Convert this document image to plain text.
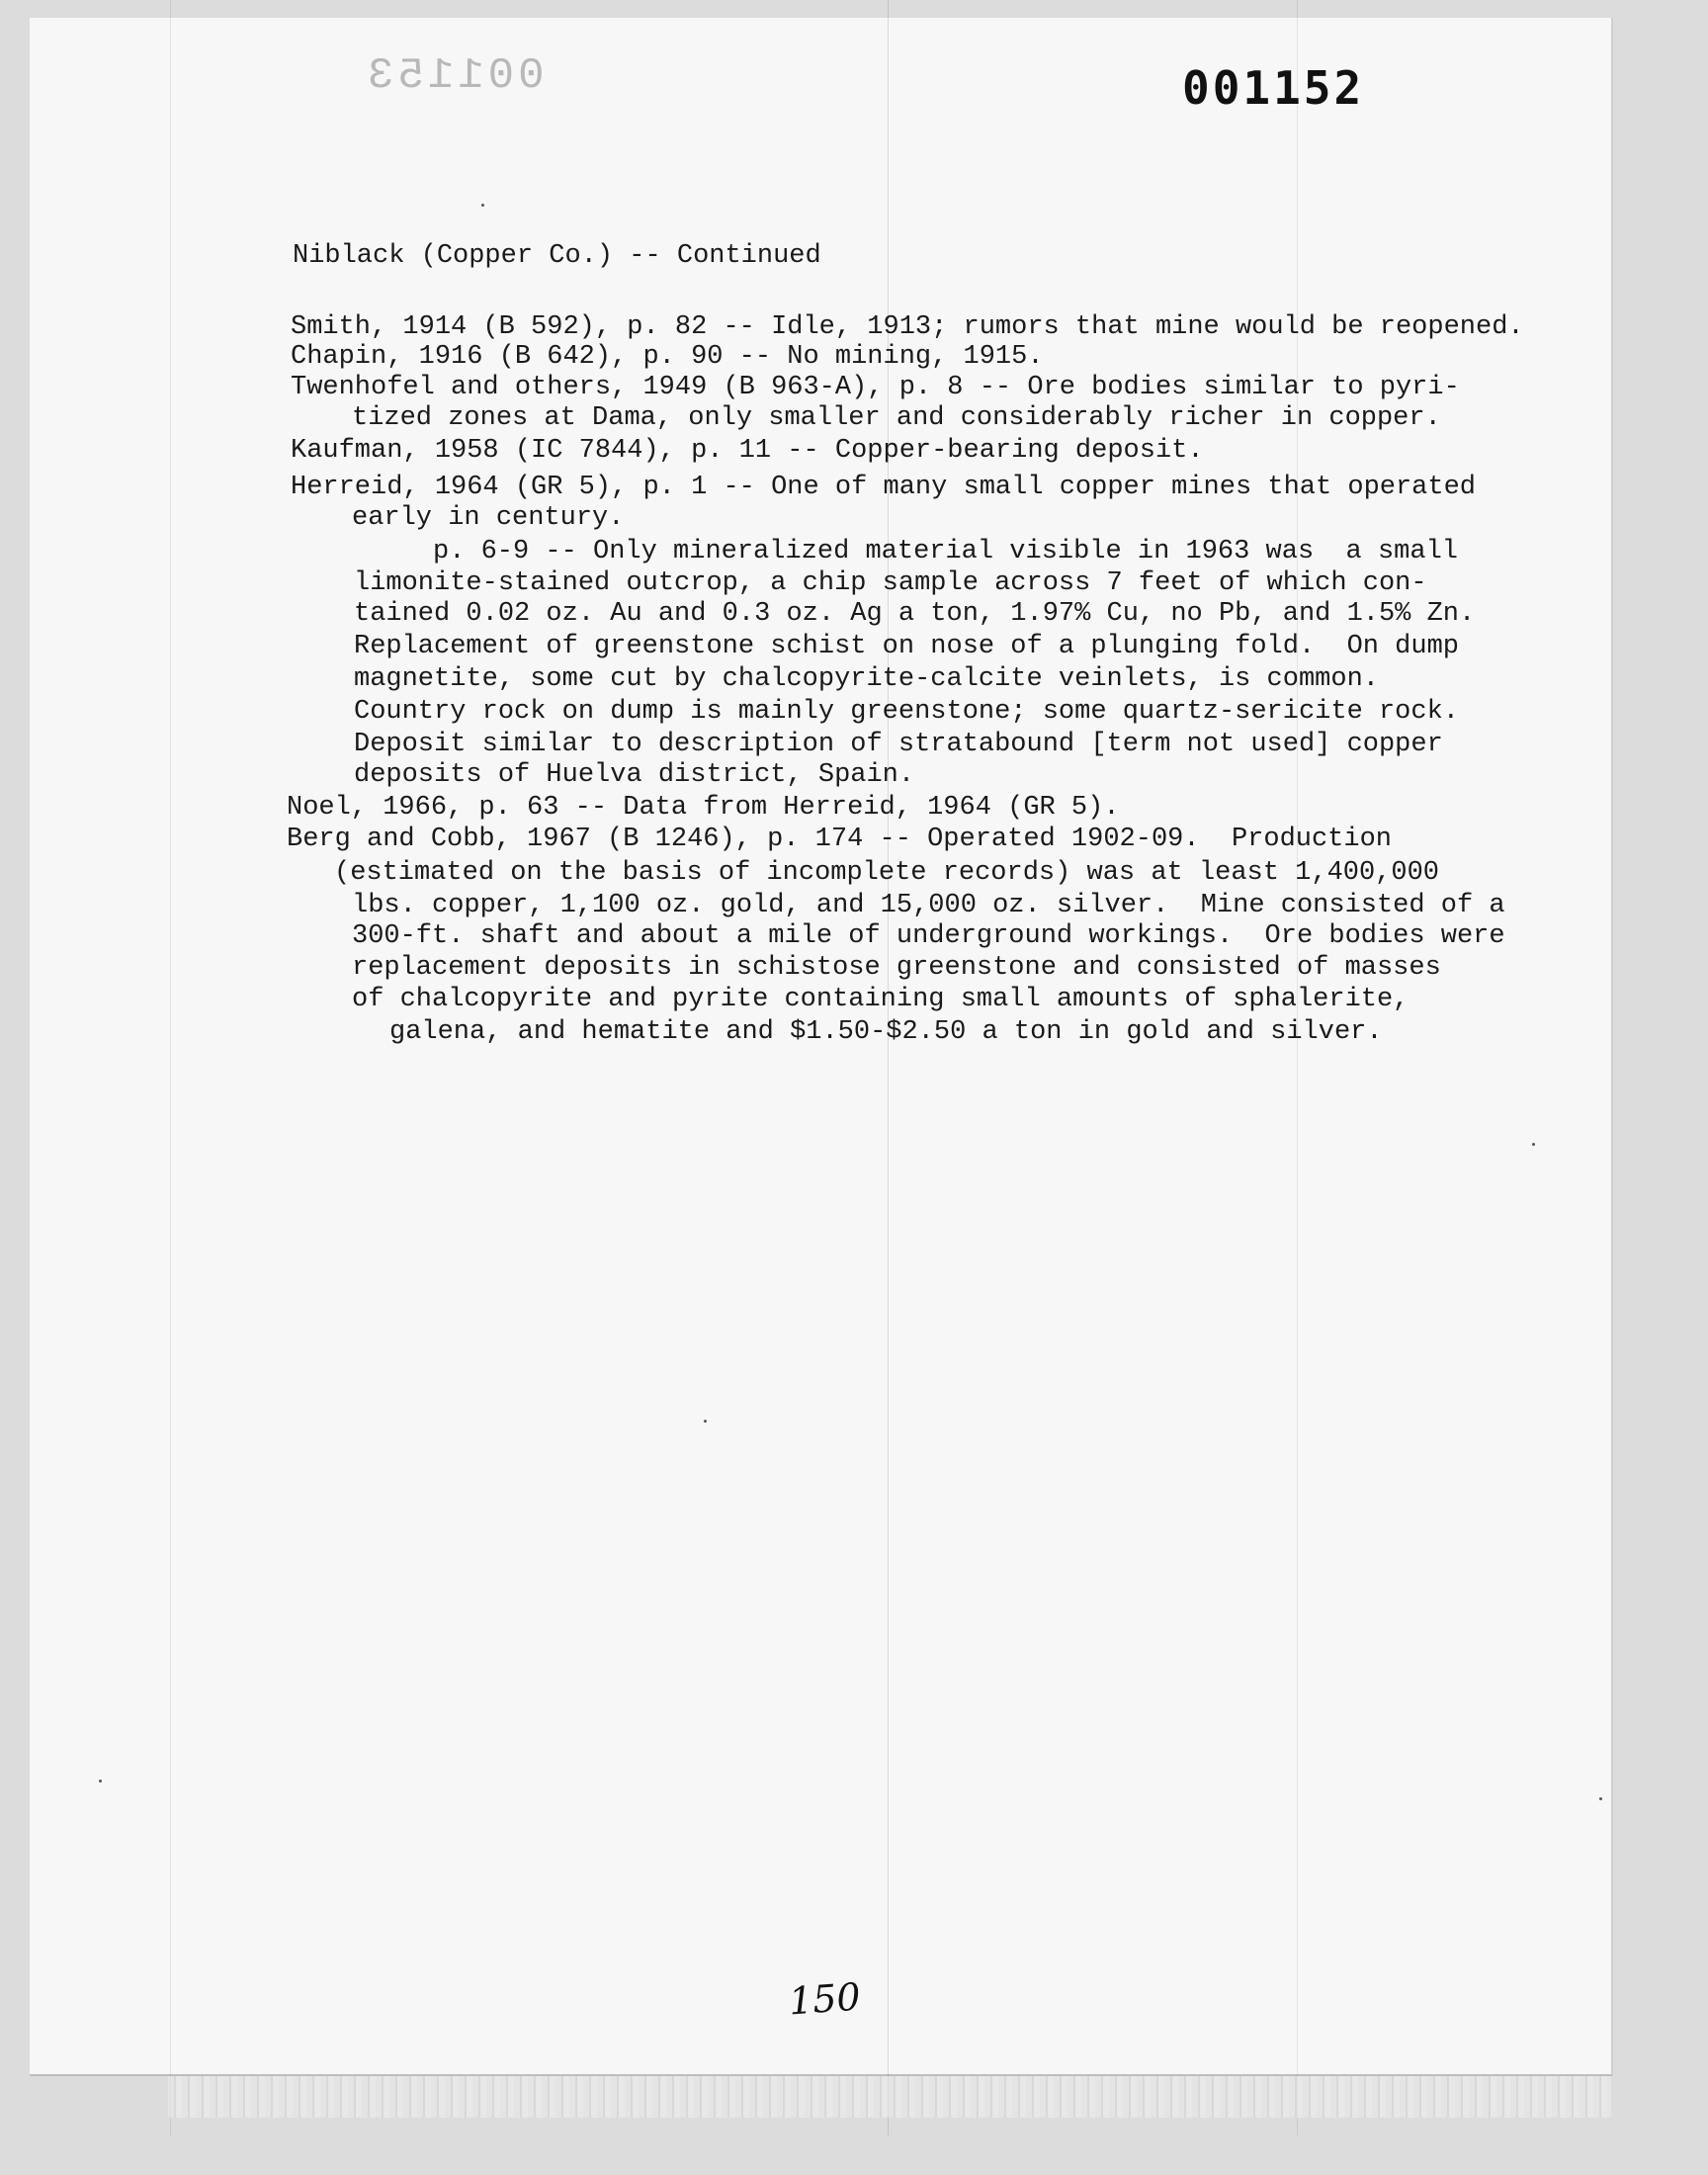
001153	001152

Niblack (Copper Co.) -- Continued

Smith, 1914 (B 592), p. 82 -- Idle, 1913; rumors that mine would be reopened.

Chapin, 1916 (B 642), p. 90 -- No mining, 1915.

Twenhofel and others, 1949 (B 963-A), p. 8 -- Ore bodies similar to pyri-

tized zones at Dama, only smaller and considerably richer in copper.

Kaufman, 1958 (IC 7844), p. 11 -- Copper-bearing deposit.

Herreid, 1964 (GR 5), p. 1 -- One of many small copper mines that operated

early in century.

p. 6-9 -- Only mineralized material visible in 1963 was  a small

limonite-stained outcrop, a chip sample across 7 feet of which con-

tained 0.02 oz. Au and 0.3 oz. Ag a ton, 1.97% Cu, no Pb, and 1.5% Zn.

Replacement of greenstone schist on nose of a plunging fold.  On dump

magnetite, some cut by chalcopyrite-calcite veinlets, is common.

Country rock on dump is mainly greenstone; some quartz-sericite rock.

Deposit similar to description of stratabound [term not used] copper

deposits of Huelva district, Spain.

Noel, 1966, p. 63 -- Data from Herreid, 1964 (GR 5).

Berg and Cobb, 1967 (B 1246), p. 174 -- Operated 1902-09.  Production

(estimated on the basis of incomplete records) was at least 1,400,000

lbs. copper, 1,100 oz. gold, and 15,000 oz. silver.  Mine consisted of a

300-ft. shaft and about a mile of underground workings.  Ore bodies were

replacement deposits in schistose greenstone and consisted of masses

of chalcopyrite and pyrite containing small amounts of sphalerite,

galena, and hematite and $1.50-$2.50 a ton in gold and silver.

150
